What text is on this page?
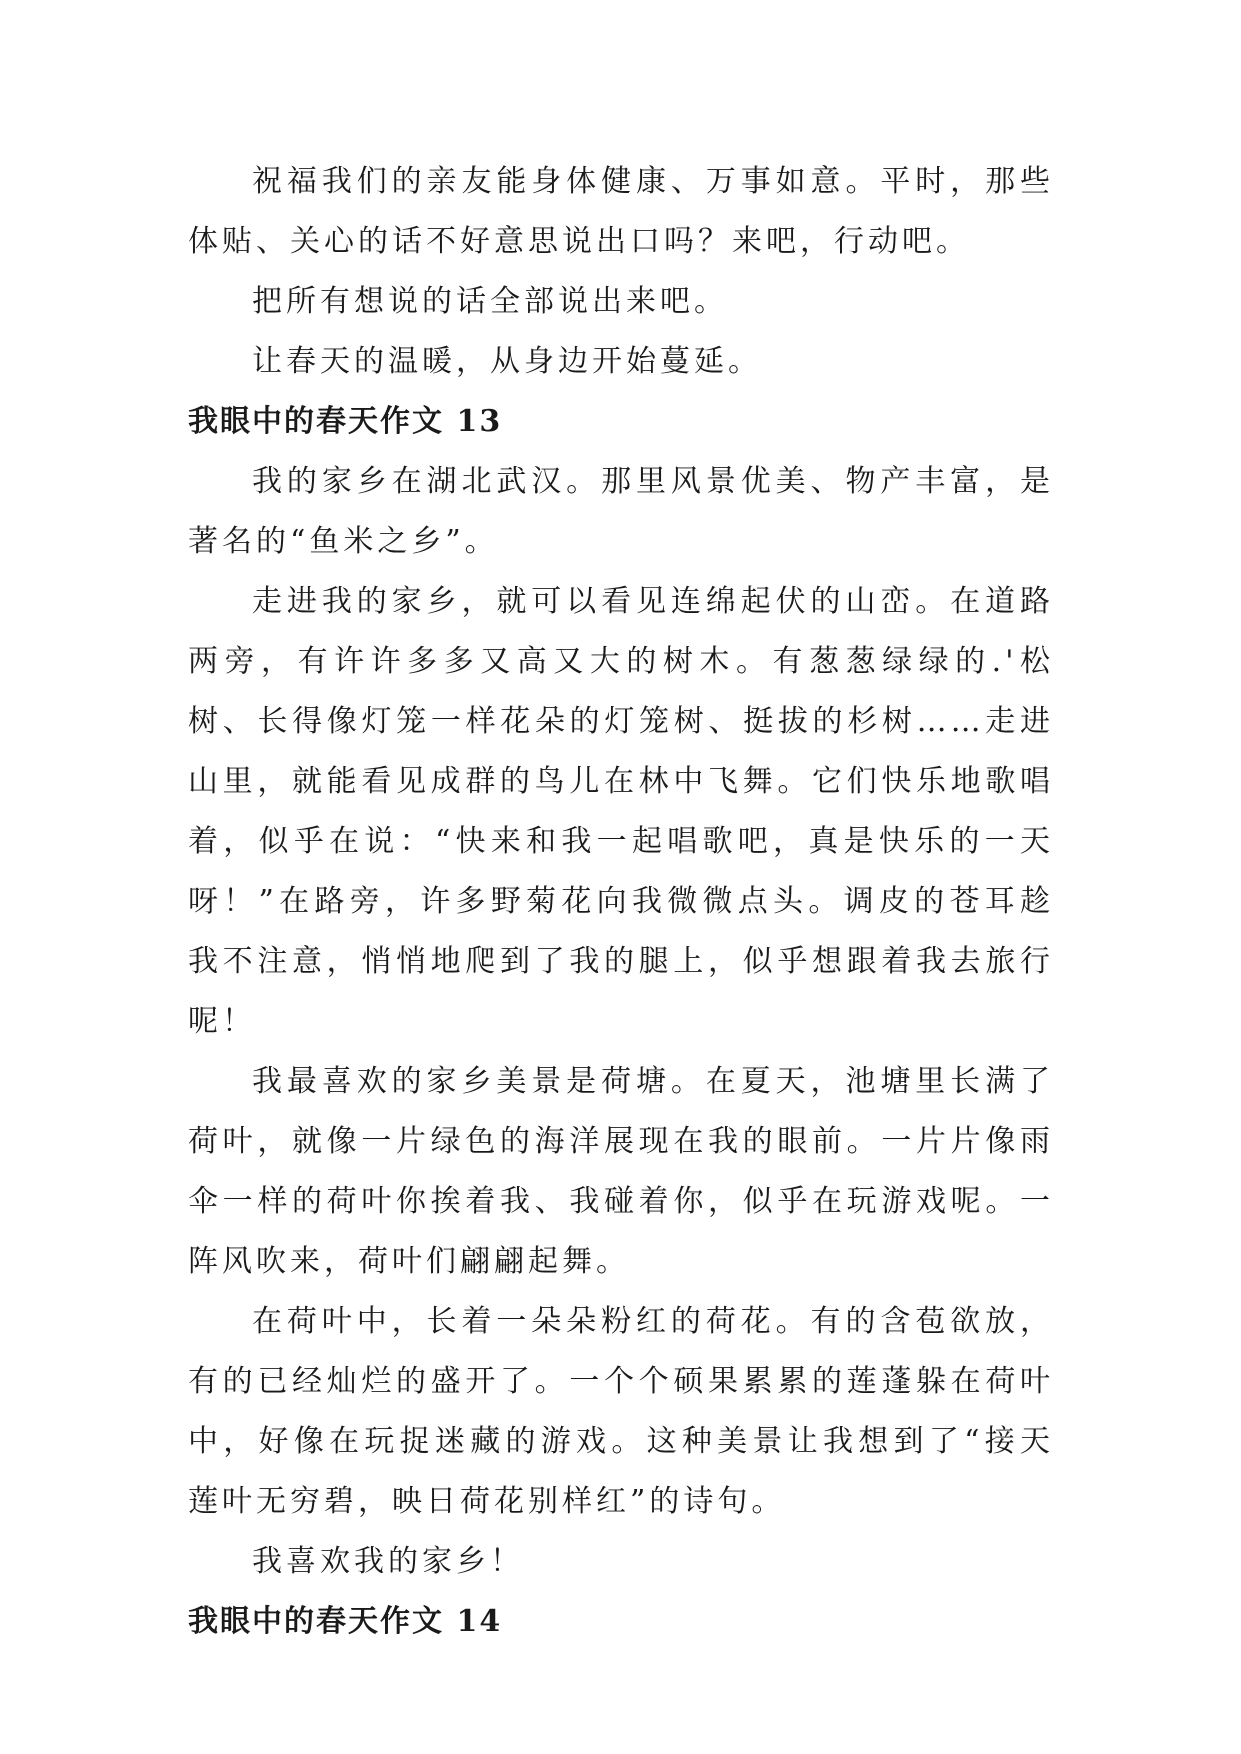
祝福我们的亲友能身体健康、万事如意。平时，那些体贴、关心的话不好意思说出口吗？来吧，行动吧。

把所有想说的话全部说出来吧。

让春天的温暖，从身边开始蔓延。

我眼中的春天作文 13

我的家乡在湖北武汉。那里风景优美、物产丰富，是著名的“鱼米之乡”。

走进我的家乡，就可以看见连绵起伏的山峦。在道路两旁，有许许多多又高又大的树木。有葱葱绿绿的.'松树、长得像灯笼一样花朵的灯笼树、挺拔的杉树……走进山里，就能看见成群的鸟儿在林中飞舞。它们快乐地歌唱着，似乎在说：“快来和我一起唱歌吧，真是快乐的一天呀！”在路旁，许多野菊花向我微微点头。调皮的苍耳趁我不注意，悄悄地爬到了我的腿上，似乎想跟着我去旅行呢！

我最喜欢的家乡美景是荷塘。在夏天，池塘里长满了荷叶，就像一片绿色的海洋展现在我的眼前。一片片像雨伞一样的荷叶你挨着我、我碰着你，似乎在玩游戏呢。一阵风吹来，荷叶们翩翩起舞。

在荷叶中，长着一朵朵粉红的荷花。有的含苞欲放，有的已经灿烂的盛开了。一个个硕果累累的莲蓬躲在荷叶中，好像在玩捉迷藏的游戏。这种美景让我想到了“接天莲叶无穷碧，映日荷花别样红”的诗句。

我喜欢我的家乡！

我眼中的春天作文 14
